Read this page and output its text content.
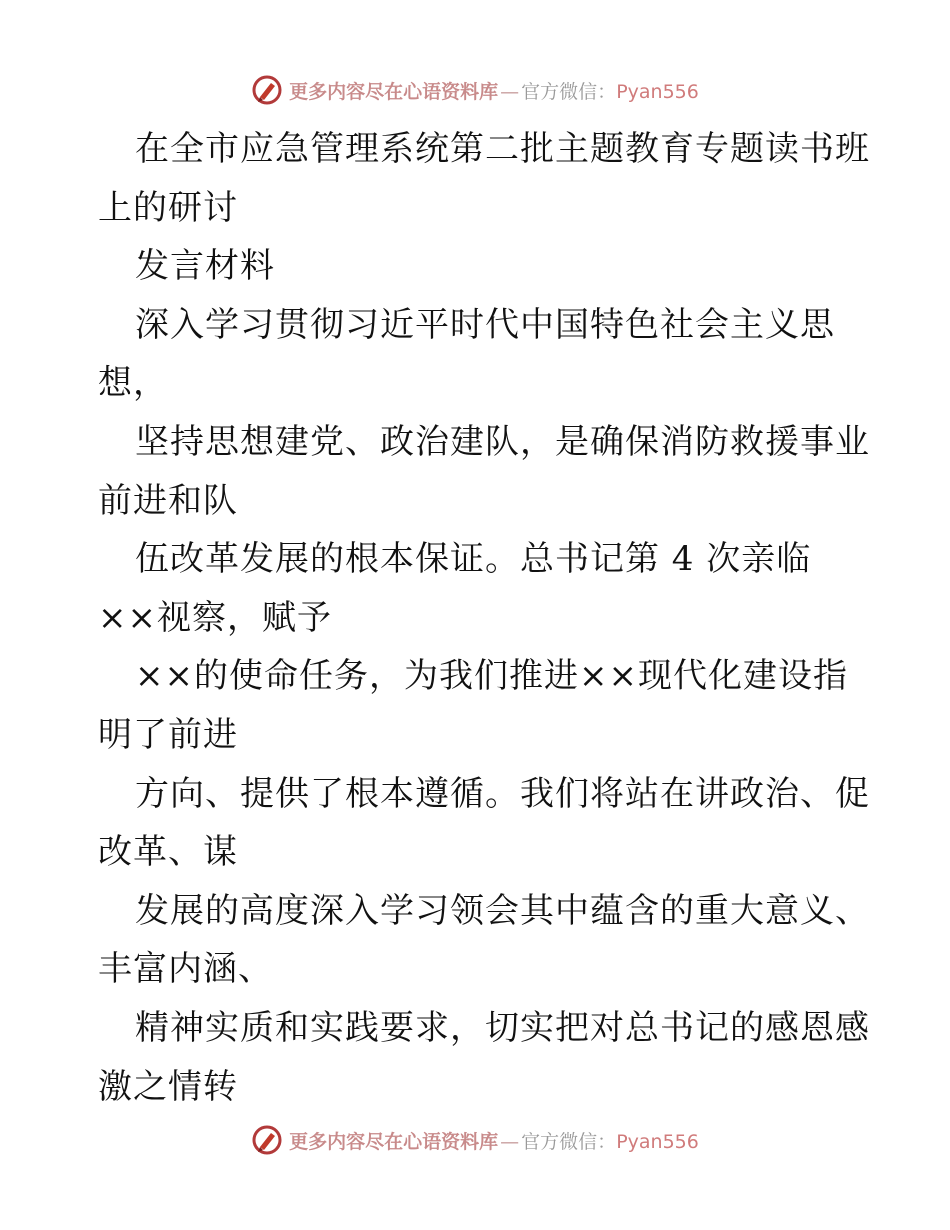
更多内容尽在心语资料库 — 官方微信：Pyan556
在全市应急管理系统第二批主题教育专题读书班
上的研讨
发言材料
深入学习贯彻习近平时代中国特色社会主义思
想，
坚持思想建党、政治建队，是确保消防救援事业
前进和队
伍改革发展的根本保证。总书记第 4 次亲临
××视察，赋予
××的使命任务，为我们推进××现代化建设指
明了前进
方向、提供了根本遵循。我们将站在讲政治、促
改革、谋
发展的高度深入学习领会其中蕴含的重大意义、
丰富内涵、
精神实质和实践要求，切实把对总书记的感恩感
激之情转
更多内容尽在心语资料库 — 官方微信：Pyan556
